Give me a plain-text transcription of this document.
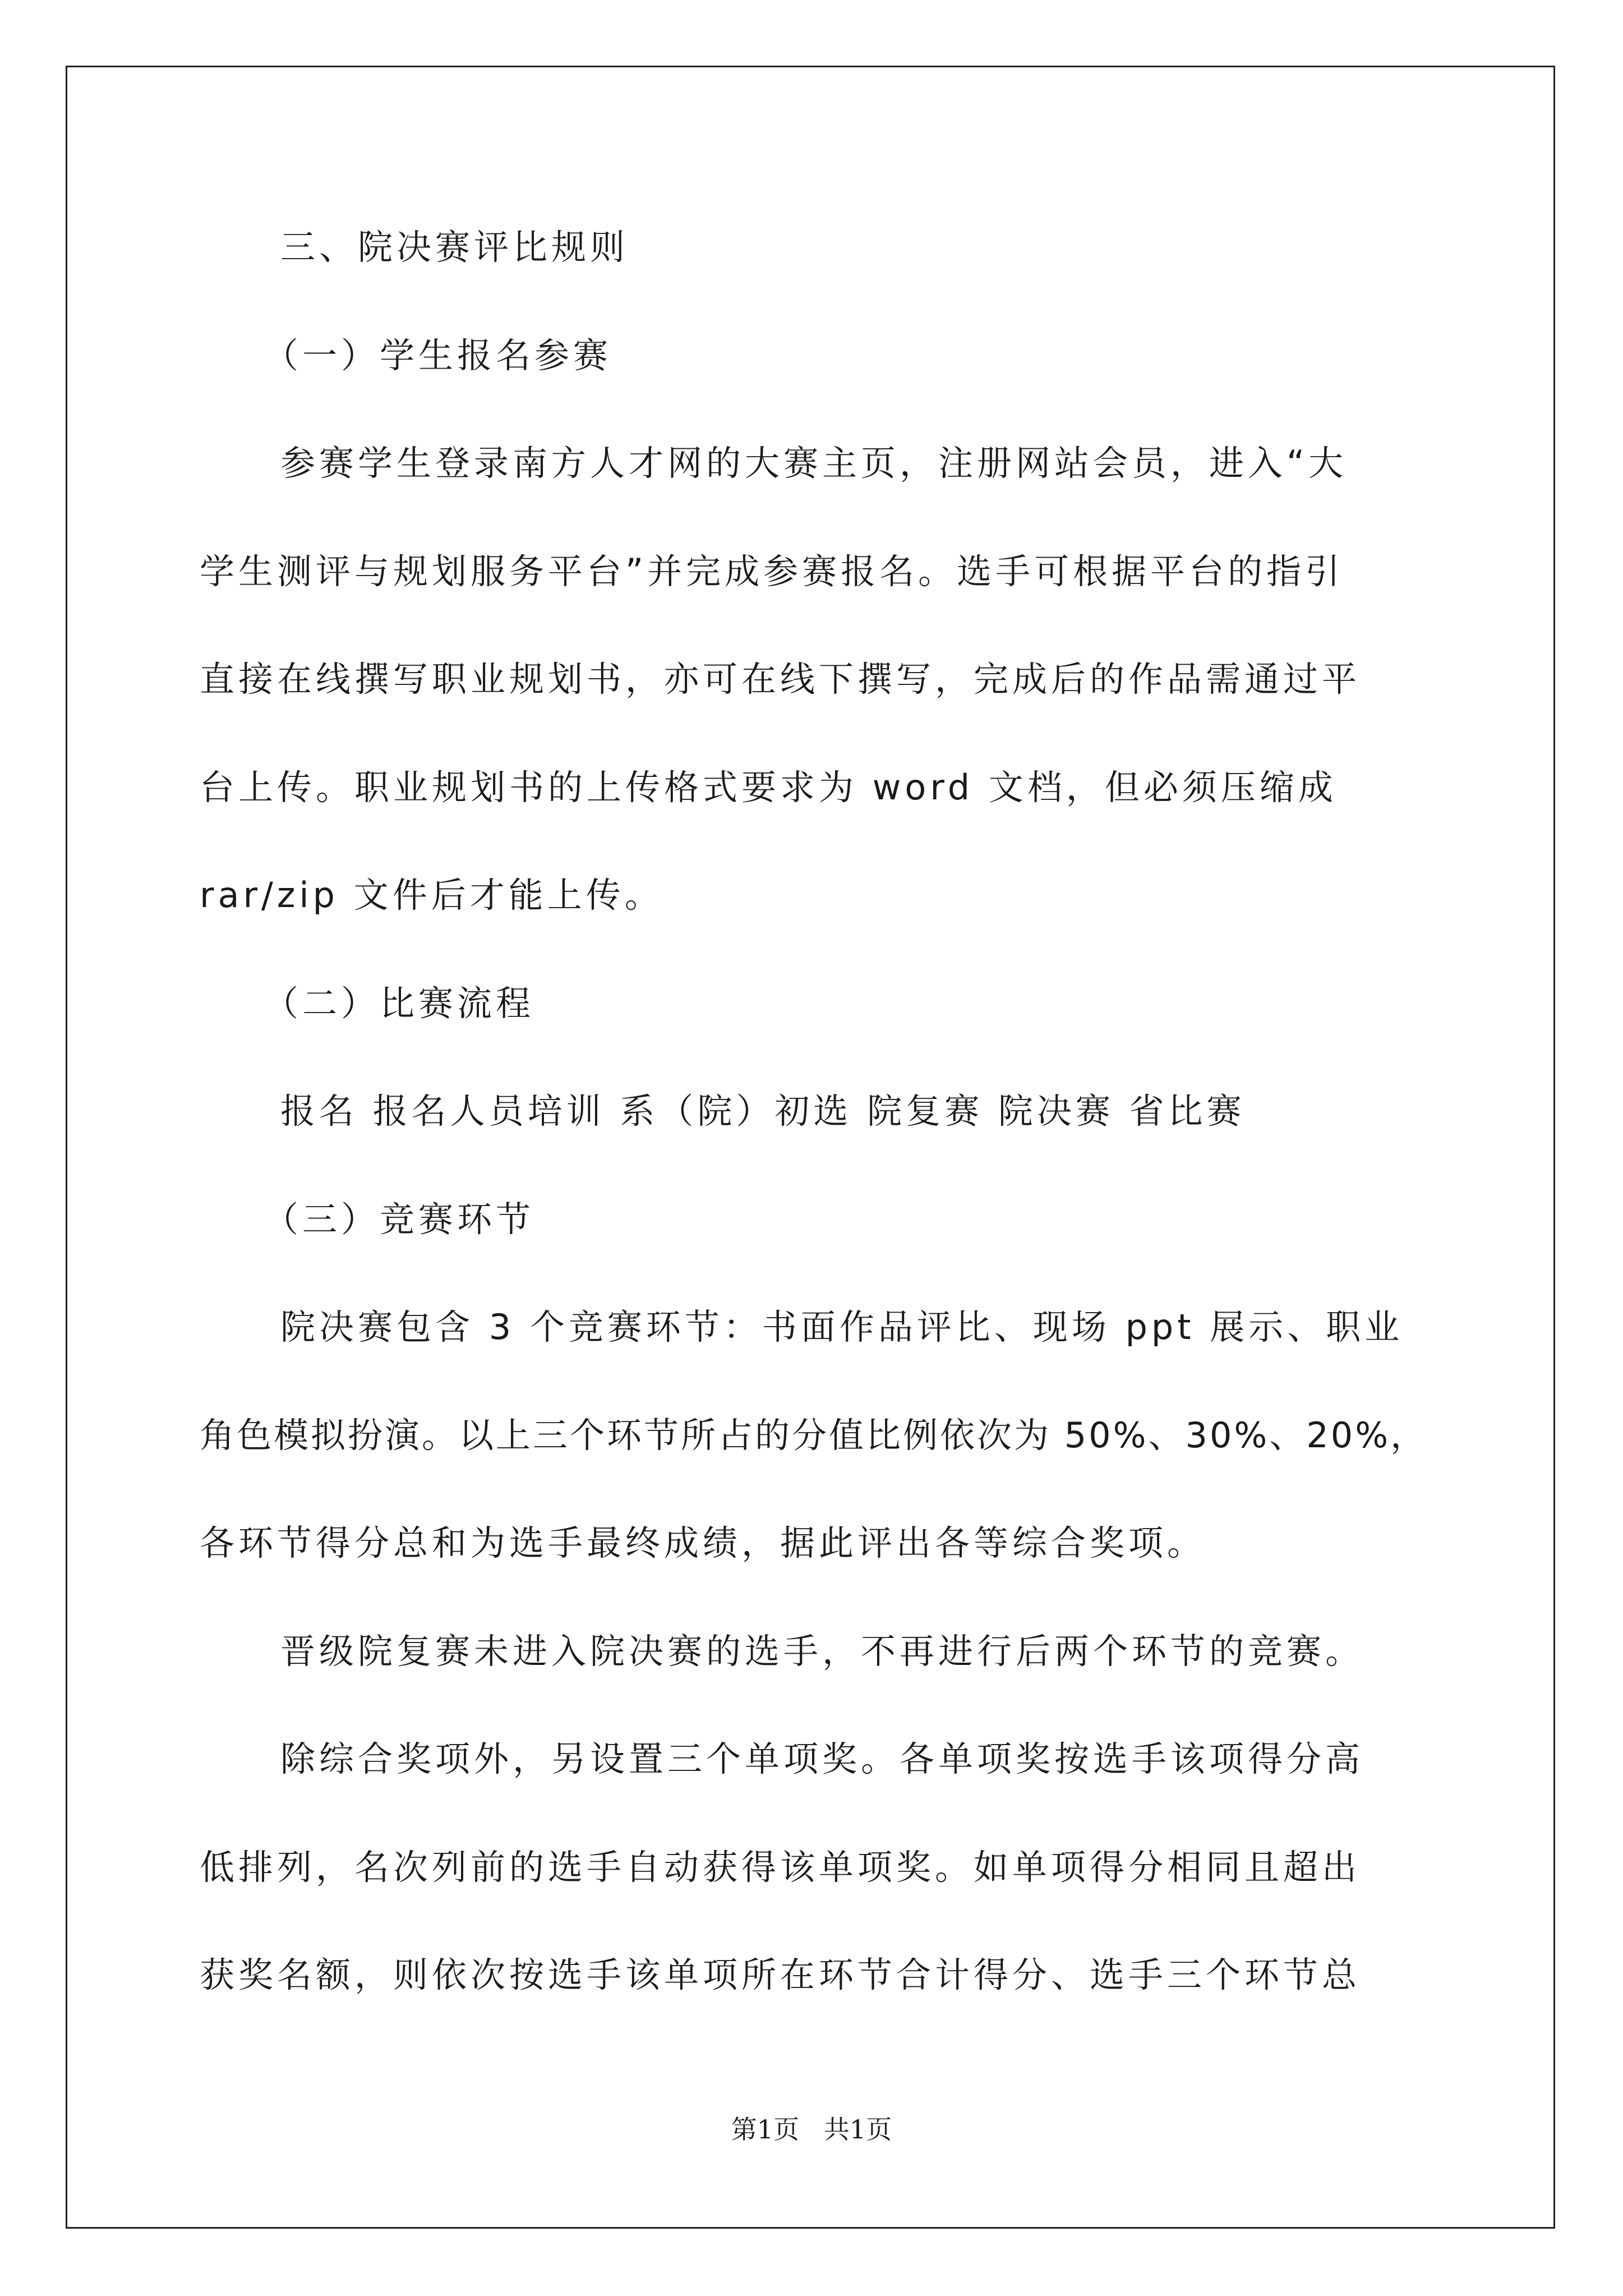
三、院决赛评比规则

（一）学生报名参赛

参赛学生登录南方人才网的大赛主页，注册网站会员，进入“大

学生测评与规划服务平台”并完成参赛报名。选手可根据平台的指引

直接在线撰写职业规划书，亦可在线下撰写，完成后的作品需通过平

台上传。职业规划书的上传格式要求为 word 文档，但必须压缩成

rar/zip 文件后才能上传。

（二）比赛流程

报名 报名人员培训 系（院）初选 院复赛 院决赛 省比赛

（三）竞赛环节

院决赛包含 3 个竞赛环节：书面作品评比、现场 ppt 展示、职业

角色模拟扮演。以上三个环节所占的分值比例依次为 50%、30%、20%，

各环节得分总和为选手最终成绩，据此评出各等综合奖项。

晋级院复赛未进入院决赛的选手，不再进行后两个环节的竞赛。

除综合奖项外，另设置三个单项奖。各单项奖按选手该项得分高

低排列，名次列前的选手自动获得该单项奖。如单项得分相同且超出

获奖名额，则依次按选手该单项所在环节合计得分、选手三个环节总

第1页   共1页
